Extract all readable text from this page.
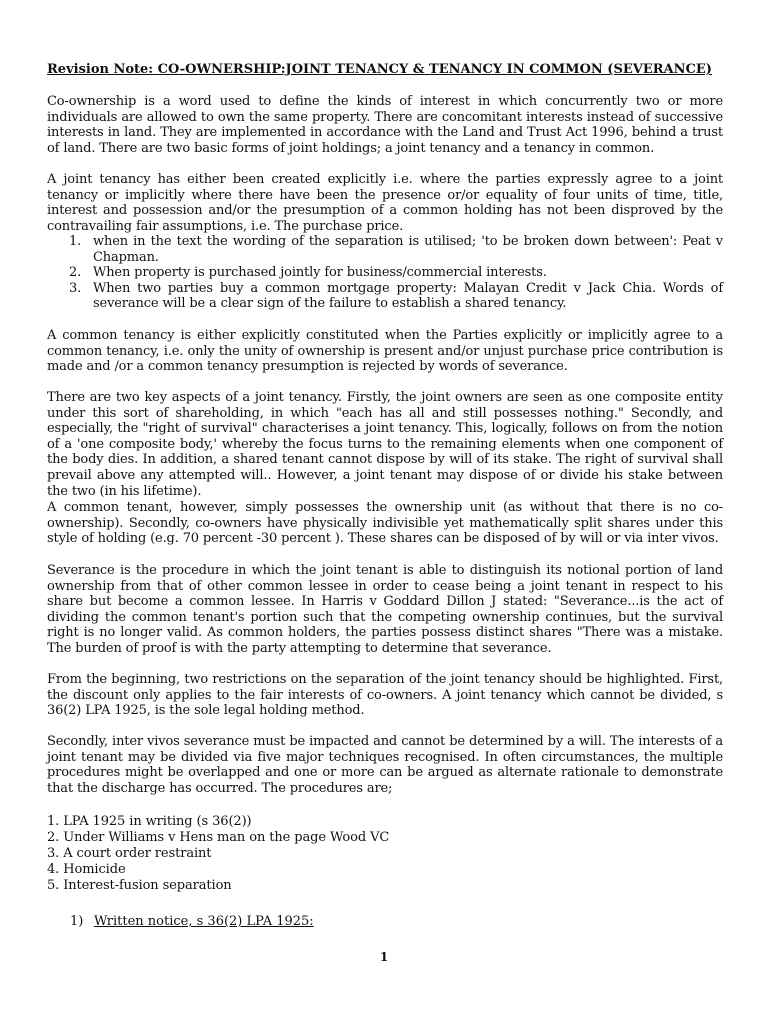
Revision Note: CO-OWNERSHIP:JOINT TENANCY & TENANCY IN COMMON (SEVERANCE)
Co-ownership is a word used to define the kinds of interest in which concurrently two or more individuals are allowed to own the same property. There are concomitant interests instead of successive interests in land. They are implemented in accordance with the Land and Trust Act 1996, behind a trust of land. There are two basic forms of joint holdings; a joint tenancy and a tenancy in common.
A joint tenancy has either been created explicitly i.e. where the parties expressly agree to a joint tenancy or implicitly where there have been the presence or/or equality of four units of time, title, interest and possession and/or the presumption of a common holding has not been disproved by the contravailing fair assumptions, i.e. The purchase price.
1. when in the text the wording of the separation is utilised; 'to be broken down between': Peat v Chapman.
2. When property is purchased jointly for business/commercial interests.
3. When two parties buy a common mortgage property: Malayan Credit v Jack Chia. Words of severance will be a clear sign of the failure to establish a shared tenancy.
A common tenancy is either explicitly constituted when the Parties explicitly or implicitly agree to a common tenancy, i.e. only the unity of ownership is present and/or unjust purchase price contribution is made and /or a common tenancy presumption is rejected by words of severance.
There are two key aspects of a joint tenancy. Firstly, the joint owners are seen as one composite entity under this sort of shareholding, in which "each has all and still possesses nothing." Secondly, and especially, the "right of survival" characterises a joint tenancy. This, logically, follows on from the notion of a 'one composite body,' whereby the focus turns to the remaining elements when one component of the body dies. In addition, a shared tenant cannot dispose by will of its stake. The right of survival shall prevail above any attempted will.. However, a joint tenant may dispose of or divide his stake between the two (in his lifetime).
A common tenant, however, simply possesses the ownership unit (as without that there is no co-ownership). Secondly, co-owners have physically indivisible yet mathematically split shares under this style of holding (e.g. 70 percent -30 percent ). These shares can be disposed of by will or via inter vivos.
Severance is the procedure in which the joint tenant is able to distinguish its notional portion of land ownership from that of other common lessee in order to cease being a joint tenant in respect to his share but become a common lessee. In Harris v Goddard Dillon J stated: "Severance...is the act of dividing the common tenant's portion such that the competing ownership continues, but the survival right is no longer valid. As common holders, the parties possess distinct shares "There was a mistake. The burden of proof is with the party attempting to determine that severance.
From the beginning, two restrictions on the separation of the joint tenancy should be highlighted. First, the discount only applies to the fair interests of co-owners. A joint tenancy which cannot be divided, s 36(2) LPA 1925, is the sole legal holding method.
Secondly, inter vivos severance must be impacted and cannot be determined by a will. The interests of a joint tenant may be divided via five major techniques recognised. In often circumstances, the multiple procedures might be overlapped and one or more can be argued as alternate rationale to demonstrate that the discharge has occurred. The procedures are;
1. LPA 1925 in writing (s 36(2))
2. Under Williams v Hens man on the page Wood VC
3. A court order restraint
4. Homicide
5. Interest-fusion separation
1) Written notice, s 36(2) LPA 1925:
1
